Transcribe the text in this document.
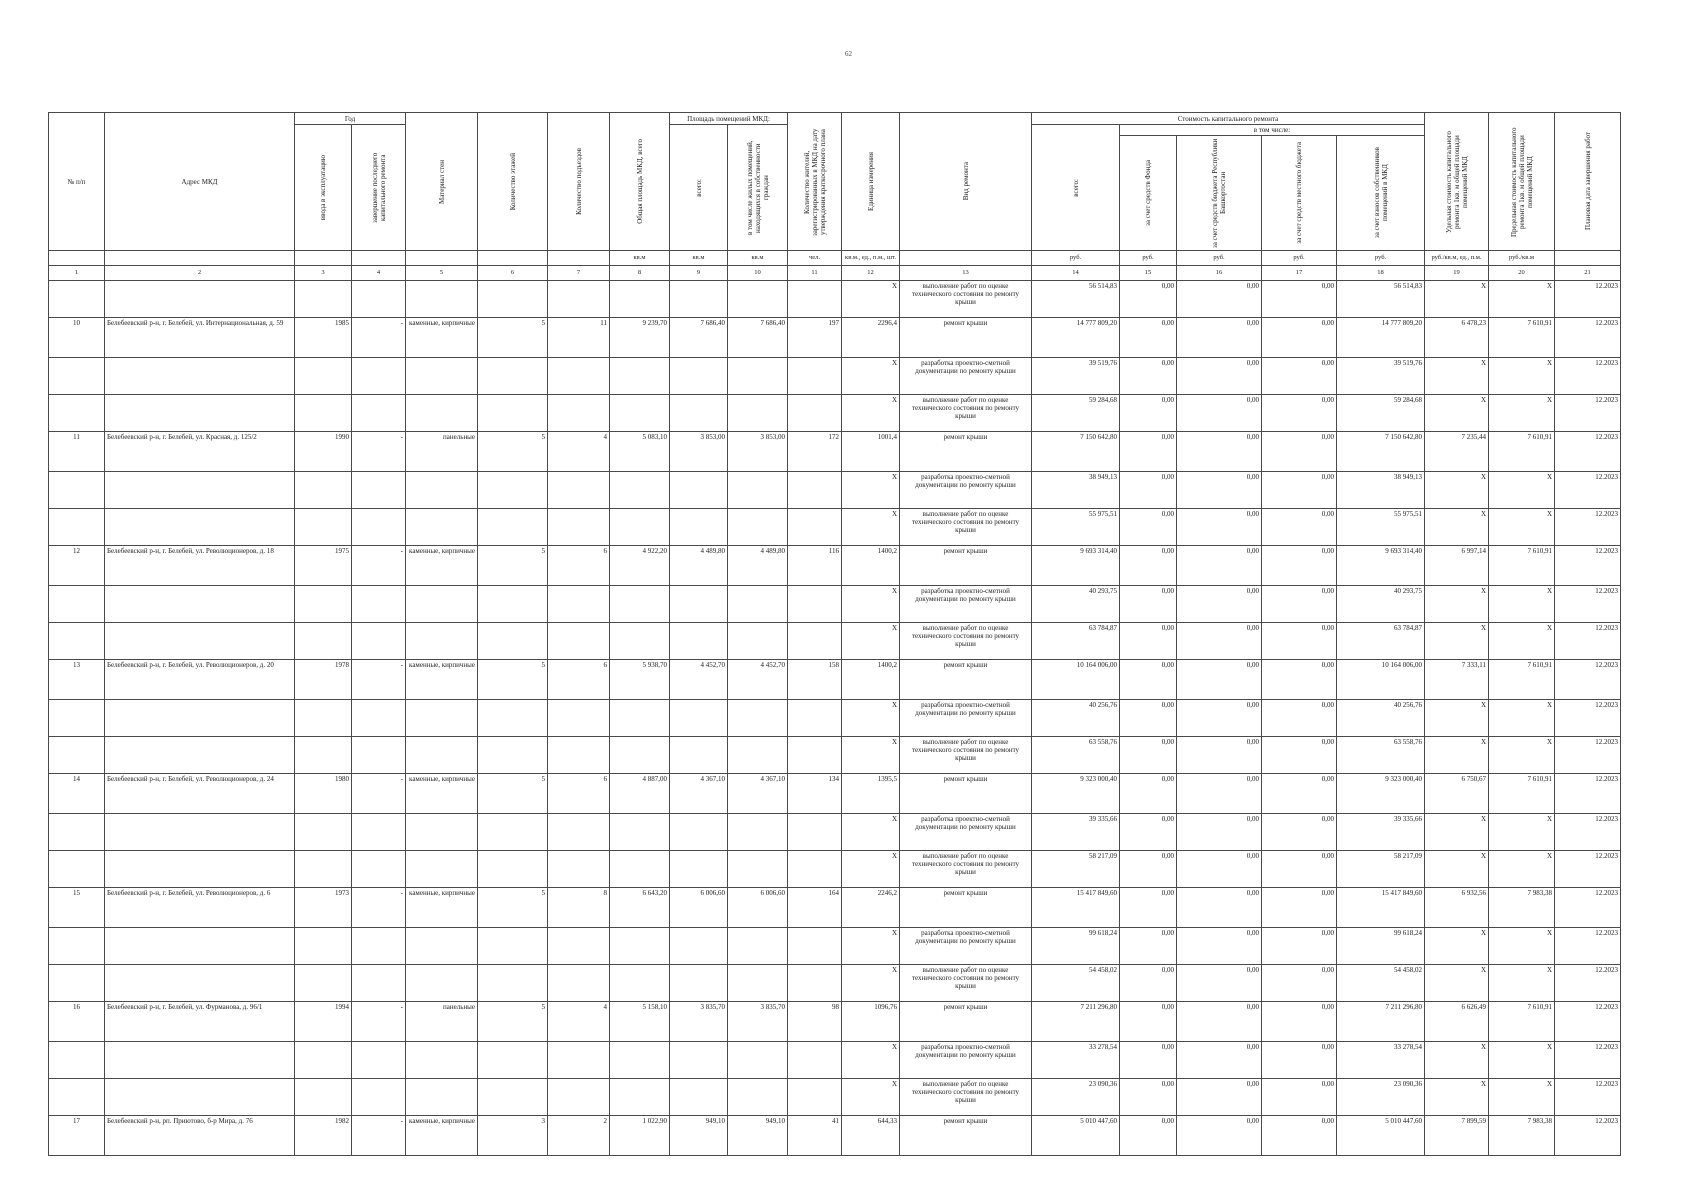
62
№ п/п	Адрес МКД	Год		Материал стен	Количество этажей	Количество подъездов	Общая площадь МКД, всего	Площадь помещений МКД:		Количество жителей, зарегистрированных в МКД на дату утверждения краткосрочного плана	Единица измерения	Вид ремонта	Стоимость капитального ремонта					Удельная стоимость капитального ремонта 1кв. м общей площади помещений МКД	Предельная стоимость капитального ремонта 1кв. м общей площади помещений МКД	Плановая дата завершения работ

		ввода в эксплуатацию	завершение последнего капитального ремонта					всего:	в том числе жилых помещений, находящихся в собственности граждан				всего:	в том числе:						

														за счет средств Фонда	за счет средств бюджета Республики Башкортостан	за счет средств местного бюджета	за счет взносов собственников помещений в МКД			

							кв.м	кв.м	кв.м	чел.	кв.м., ед., п.м., шт.		руб.	руб.	руб.	руб.	руб.	руб./кв.м, ед., п.м.	руб./кв.м	
1	2	3	4	5	6	7	8	9	10	11	12	13	14	15	16	17	18	19	20	21
											X	выполнение работ по оценке технического состояния по ремонту крыши	56 514,83	0,00	0,00	0,00	56 514,83	X	X	12.2023
10	Белебеевский р-н, г. Белебей, ул. Интернациональная, д. 59	1985	-	каменные, кирпичные	5	11	9 239,70	7 686,40	7 686,40	197	2296,4	ремонт крыши	14 777 809,20	0,00	0,00	0,00	14 777 809,20	6 478,23	7 610,91	12.2023
											X	разработка проектно-сметной документации по ремонту крыши	39 519,76	0,00	0,00	0,00	39 519,76	X	X	12.2023
											X	выполнение работ по оценке технического состояния по ремонту крыши	59 284,68	0,00	0,00	0,00	59 284,68	X	X	12.2023
11	Белебеевский р-н, г. Белебей, ул. Красная, д. 125/2	1990	-	панельные	5	4	5 083,10	3 853,00	3 853,00	172	1001,4	ремонт крыши	7 150 642,80	0,00	0,00	0,00	7 150 642,80	7 235,44	7 610,91	12.2023
											X	разработка проектно-сметной документации по ремонту крыши	38 949,13	0,00	0,00	0,00	38 949,13	X	X	12.2023
											X	выполнение работ по оценке технического состояния по ремонту крыши	55 975,51	0,00	0,00	0,00	55 975,51	X	X	12.2023
12	Белебеевский р-н, г. Белебей, ул. Революционеров, д. 18	1975	-	каменные, кирпичные	5	6	4 922,20	4 489,80	4 489,80	116	1400,2	ремонт крыши	9 693 314,40	0,00	0,00	0,00	9 693 314,40	6 997,14	7 610,91	12.2023
											X	разработка проектно-сметной документации по ремонту крыши	40 293,75	0,00	0,00	0,00	40 293,75	X	X	12.2023
											X	выполнение работ по оценке технического состояния по ремонту крыши	63 784,87	0,00	0,00	0,00	63 784,87	X	X	12.2023
13	Белебеевский р-н, г. Белебей, ул. Революционеров, д. 20	1978	-	каменные, кирпичные	5	6	5 938,70	4 452,70	4 452,70	158	1400,2	ремонт крыши	10 164 006,00	0,00	0,00	0,00	10 164 006,00	7 333,11	7 610,91	12.2023
											X	разработка проектно-сметной документации по ремонту крыши	40 256,76	0,00	0,00	0,00	40 256,76	X	X	12.2023
											X	выполнение работ по оценке технического состояния по ремонту крыши	63 558,76	0,00	0,00	0,00	63 558,76	X	X	12.2023
14	Белебеевский р-н, г. Белебей, ул. Революционеров, д. 24	1980	-	каменные, кирпичные	5	6	4 887,00	4 367,10	4 367,10	134	1395,5	ремонт крыши	9 323 000,40	0,00	0,00	0,00	9 323 000,40	6 750,67	7 610,91	12.2023
											X	разработка проектно-сметной документации по ремонту крыши	39 335,66	0,00	0,00	0,00	39 335,66	X	X	12.2023
											X	выполнение работ по оценке технического состояния по ремонту крыши	58 217,09	0,00	0,00	0,00	58 217,09	X	X	12.2023
15	Белебеевский р-н, г. Белебей, ул. Революционеров, д. 6	1973	-	каменные, кирпичные	5	8	6 643,20	6 006,60	6 006,60	164	2246,2	ремонт крыши	15 417 849,60	0,00	0,00	0,00	15 417 849,60	6 932,56	7 983,38	12.2023
											X	разработка проектно-сметной документации по ремонту крыши	99 618,24	0,00	0,00	0,00	99 618,24	X	X	12.2023
											X	выполнение работ по оценке технического состояния по ремонту крыши	54 458,02	0,00	0,00	0,00	54 458,02	X	X	12.2023
16	Белебеевский р-н, г. Белебей, ул. Фурманова, д. 96/1	1994	-	панельные	5	4	5 158,10	3 835,70	3 835,70	98	1096,76	ремонт крыши	7 211 296,80	0,00	0,00	0,00	7 211 296,80	6 626,49	7 610,91	12.2023
											X	разработка проектно-сметной документации по ремонту крыши	33 278,54	0,00	0,00	0,00	33 278,54	X	X	12.2023
											X	выполнение работ по оценке технического состояния по ремонту крыши	23 090,36	0,00	0,00	0,00	23 090,36	X	X	12.2023
17	Белебеевский р-н, рп. Приютово, б-р Мира, д. 76	1982	-	каменные, кирпичные	3	2	1 022,90	949,10	949,10	41	644,33	ремонт крыши	5 010 447,60	0,00	0,00	0,00	5 010 447,60	7 899,59	7 983,38	12.2023
